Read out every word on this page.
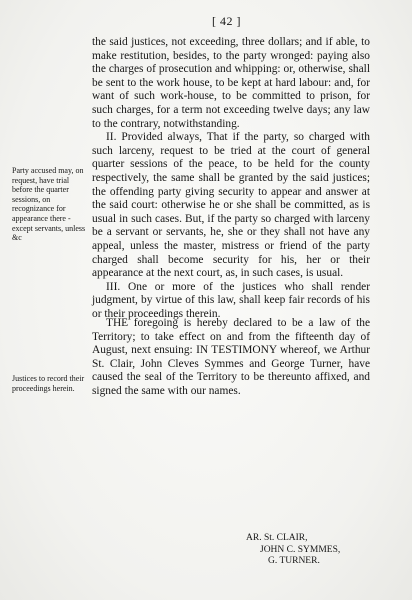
[ 42 ]

the said justices, not exceeding, three dollars; and if able, to make restitution, besides, to the party wronged: paying also the charges of prosecution and whipping: or, otherwise, shall be sent to the work house, to be kept at hard labour: and, for want of such work-house, to be committed to prison, for such charges, for a term not exceeding twelve days; any law to the contrary, notwithstanding.

II. Provided always, That if the party, so charged with such larceny, request to be tried at the court of general quarter sessions of the peace, to be held for the county respectively, the same shall be granted by the said justices; the offending party giving security to appear and answer at the said court: otherwise he or she shall be committed, as is usual in such cases. But, if the party so charged with larceny be a servant or servants, he, she or they shall not have any appeal, unless the master, mistress or friend of the party charged shall become security for his, her or their appearance at the next court, as, in such cases, is usual.

III. One or more of the justices who shall render judgment, by virtue of this law, shall keep fair records of his or their proceedings therein.

THE foregoing is hereby declared to be a law of the Territory; to take effect on and from the fifteenth day of August, next ensuing: IN TESTIMONY whereof, we Arthur St. Clair, John Cleves Symmes and George Turner, have caused the seal of the Territory to be thereunto affixed, and signed the same with our names.

AR. St. CLAIR,
JOHN C. SYMMES,
G. TURNER.
Party accused may, on request, have trial before the quarter sessions, on recognizance for appearance there - except servants, unless &c
Justices to record their proceedings herein.
